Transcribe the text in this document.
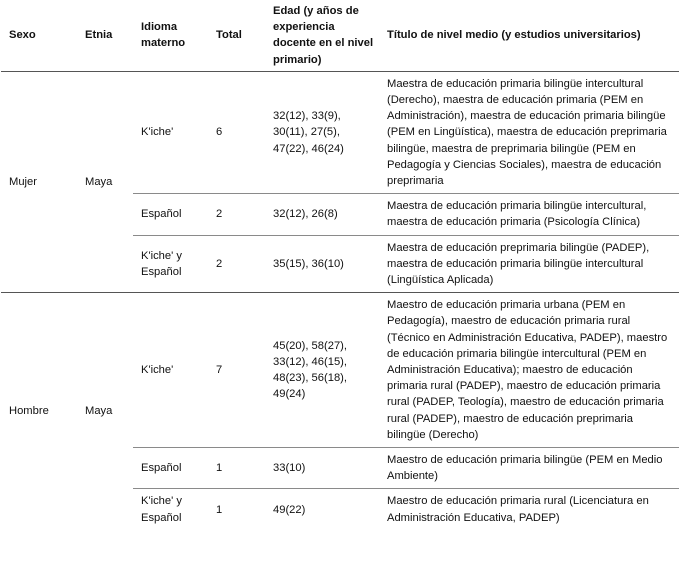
Sexo	Etnia	Idioma materno	Total	Edad (y años de experiencia docente en el nivel primario)	Título de nivel medio (y estudios universitarios)
Mujer	Maya	K'iche'	6	32(12), 33(9), 30(11), 27(5), 47(22), 46(24)	Maestra de educación primaria bilingüe intercultural (Derecho), maestra de educación primaria (PEM en Administración), maestra de educación primaria bilingüe (PEM en Lingüística), maestra de educación preprimaria bilingüe, maestra de preprimaria bilingüe (PEM en Pedagogía y Ciencias Sociales), maestra de educación preprimaria
		Español	2	32(12), 26(8)	Maestra de educación primaria bilingüe intercultural, maestra de educación primaria (Psicología Clínica)
		K'iche' y Español	2	35(15), 36(10)	Maestra de educación preprimaria bilingüe (PADEP), maestra de educación primaria bilingüe intercultural (Lingüística Aplicada)
Hombre	Maya	K'iche'	7	45(20), 58(27), 33(12), 46(15), 48(23), 56(18), 49(24)	Maestro de educación primaria urbana (PEM en Pedagogía), maestro de educación primaria rural (Técnico en Administración Educativa, PADEP), maestro de educación primaria bilingüe intercultural (PEM en Administración Educativa); maestro de educación primaria rural (PADEP), maestro de educación primaria rural (PADEP, Teología), maestro de educación primaria rural (PADEP), maestro de educación preprimaria bilingüe (Derecho)
		Español	1	33(10)	Maestro de educación primaria bilingüe (PEM en Medio Ambiente)
		K'iche' y Español	1	49(22)	Maestro de educación primaria rural (Licenciatura en Administración Educativa, PADEP)
